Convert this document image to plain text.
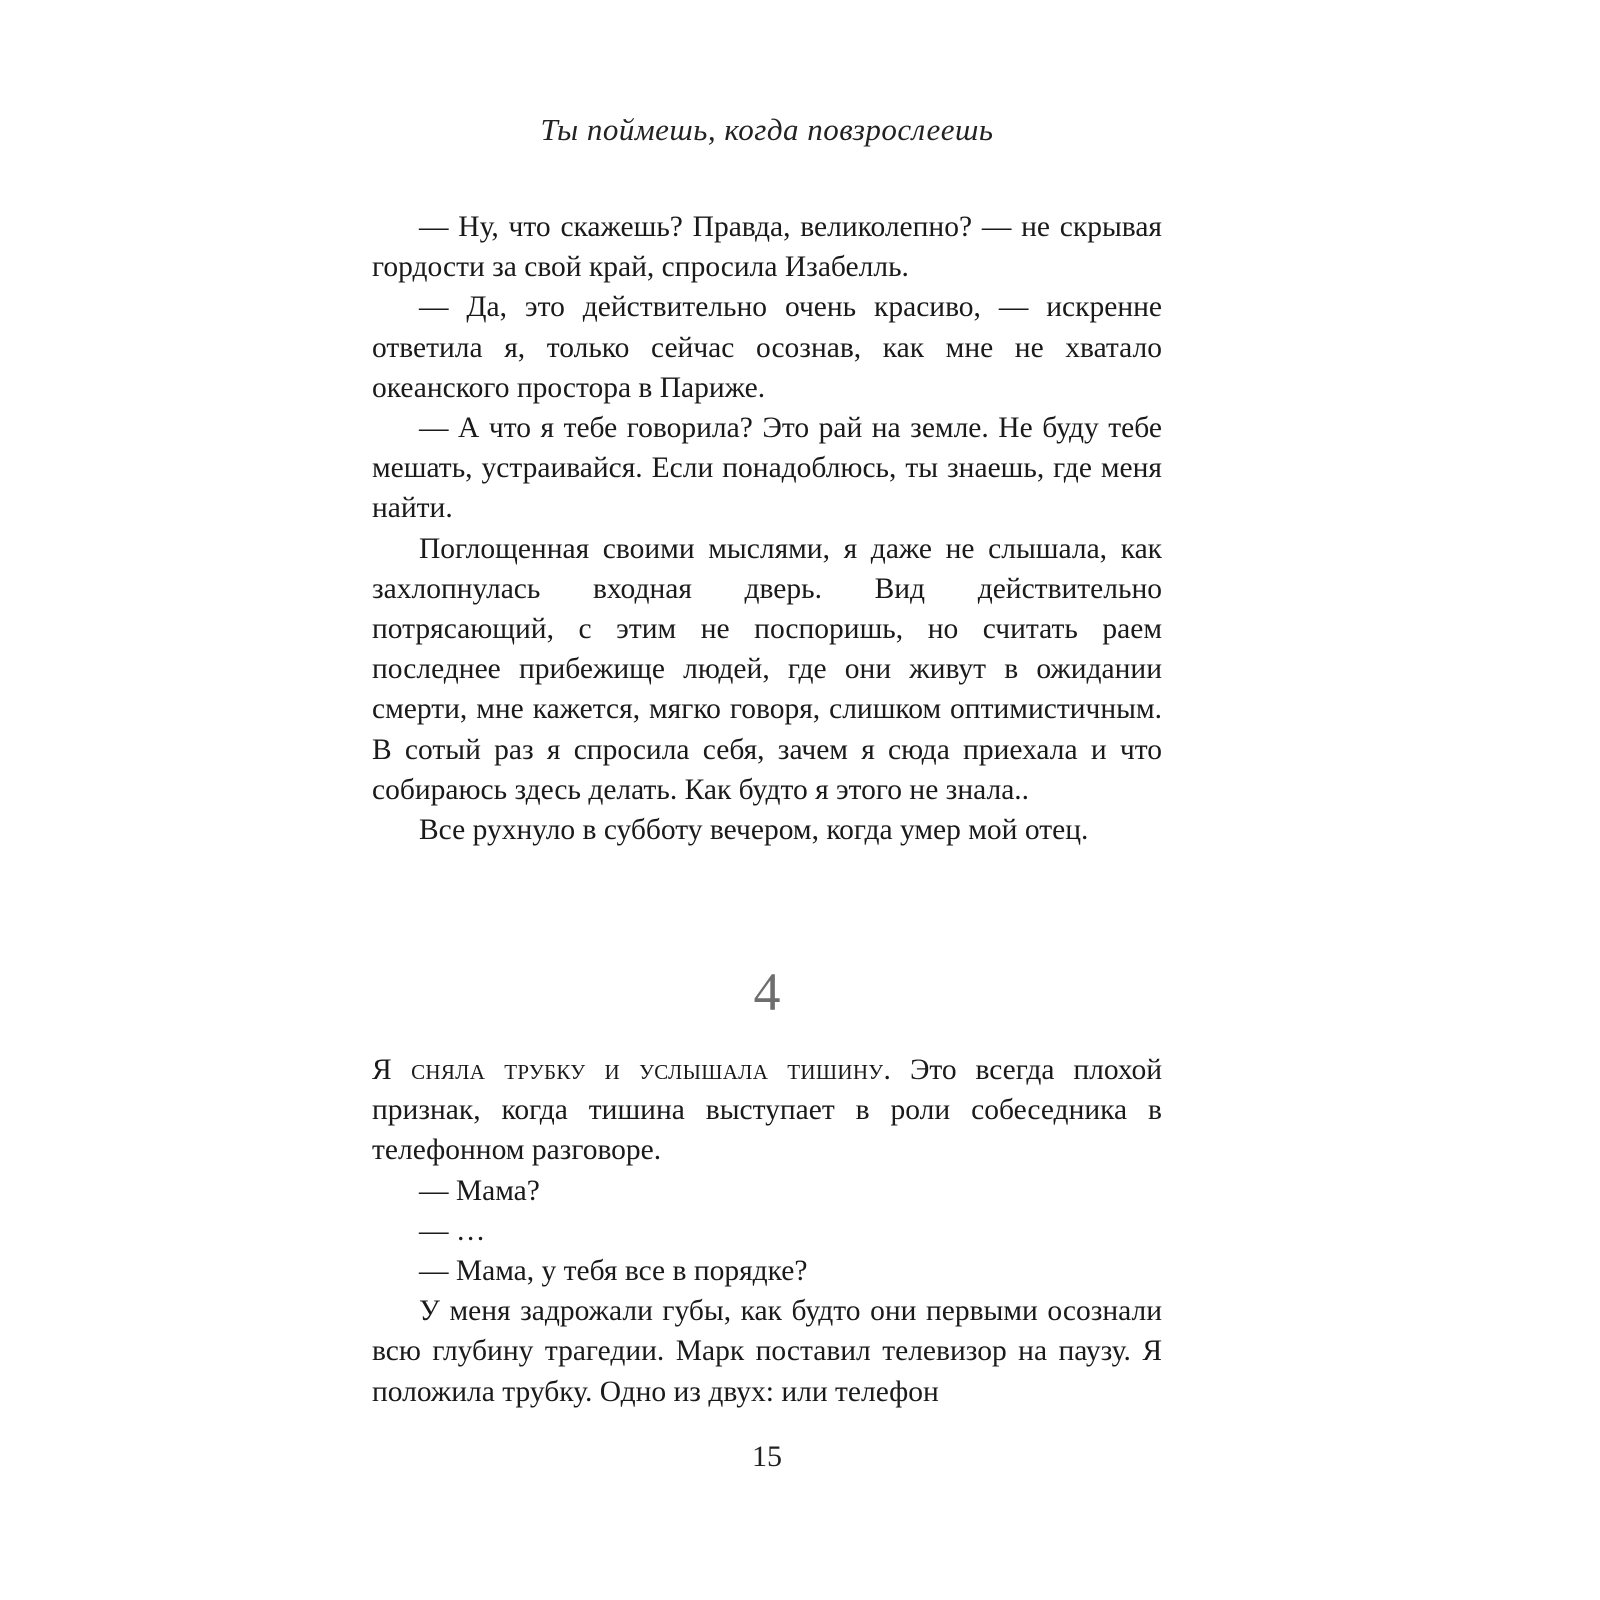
Ты поймешь, когда повзрослеешь

— Ну, что скажешь? Правда, великолепно? — не скрывая гордости за свой край, спросила Изабелль.

— Да, это действительно очень красиво, — искренне ответила я, только сейчас осознав, как мне не хватало океанского простора в Париже.

— А что я тебе говорила? Это рай на земле. Не буду тебе мешать, устраивайся. Если понадоблюсь, ты знаешь, где меня найти.

Поглощенная своими мыслями, я даже не слышала, как захлопнулась входная дверь. Вид действительно потрясающий, с этим не поспоришь, но считать раем последнее прибежище людей, где они живут в ожидании смерти, мне кажется, мягко говоря, слишком оптимистичным. В сотый раз я спросила себя, зачем я сюда приехала и что собираюсь здесь делать. Как будто я этого не знала..

Все рухнуло в субботу вечером, когда умер мой отец.

4

Я сняла трубку и услышала тишину. Это всегда плохой признак, когда тишина выступает в роли собеседника в телефонном разговоре.

— Мама?

— …

— Мама, у тебя все в порядке?

У меня задрожали губы, как будто они первыми осознали всю глубину трагедии. Марк поставил телевизор на паузу. Я положила трубку. Одно из двух: или телефон

15
